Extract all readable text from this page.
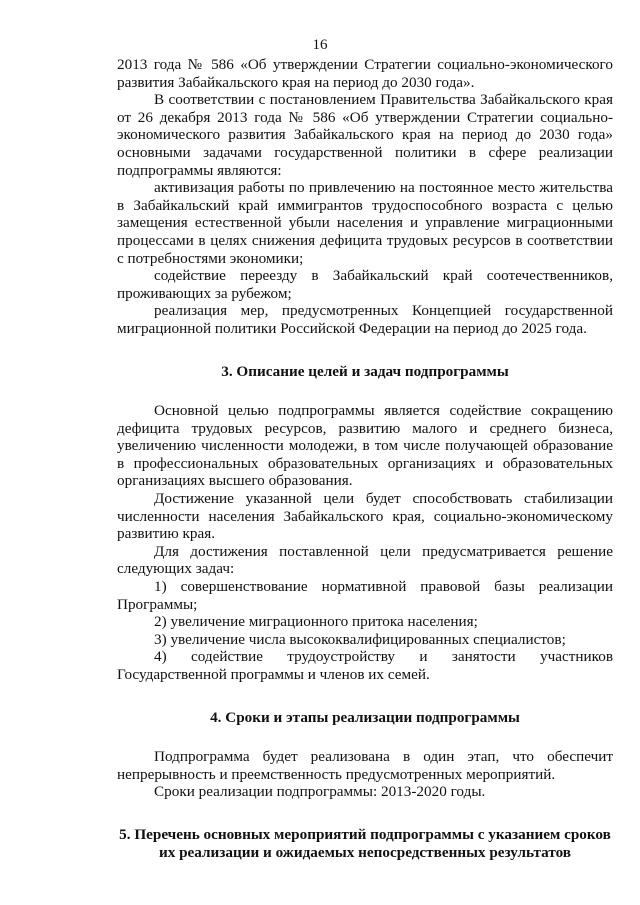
16

2013 года № 586 «Об утверждении Стратегии социально-экономического развития Забайкальского края на период до 2030 года».

В соответствии с постановлением Правительства Забайкальского края от 26 декабря 2013 года № 586 «Об утверждении Стратегии социально-экономического развития Забайкальского края на период до 2030 года» основными задачами государственной политики в сфере реализации подпрограммы являются:

активизация работы по привлечению на постоянное место жительства в Забайкальский край иммигрантов трудоспособного возраста с целью замещения естественной убыли населения и управление миграционными процессами в целях снижения дефицита трудовых ресурсов в соответствии с потребностями экономики;

содействие переезду в Забайкальский край соотечественников, проживающих за рубежом;

реализация мер, предусмотренных Концепцией государственной миграционной политики Российской Федерации на период до 2025 года.

3. Описание целей и задач подпрограммы

Основной целью подпрограммы является содействие сокращению дефицита трудовых ресурсов, развитию малого и среднего бизнеса, увеличению численности молодежи, в том числе получающей образование в профессиональных образовательных организациях и образовательных организациях высшего образования.

Достижение указанной цели будет способствовать стабилизации численности населения Забайкальского края, социально-экономическому развитию края.

Для достижения поставленной цели предусматривается решение следующих задач:

1) совершенствование нормативной правовой базы реализации Программы;

2) увеличение миграционного притока населения;

3) увеличение числа высококвалифицированных специалистов;

4) содействие трудоустройству и занятости участников Государственной программы и членов их семей.

4. Сроки и этапы реализации подпрограммы

Подпрограмма будет реализована в один этап, что обеспечит непрерывность и преемственность предусмотренных мероприятий.

Сроки реализации подпрограммы: 2013-2020 годы.

5. Перечень основных мероприятий подпрограммы с указанием сроков их реализации и ожидаемых непосредственных результатов
